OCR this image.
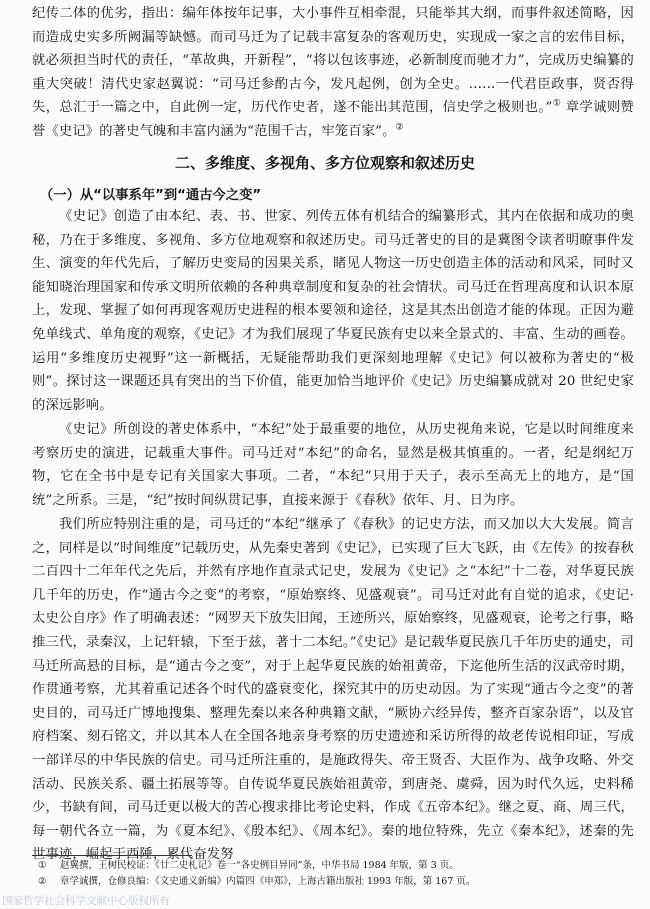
纪传二体的优劣，指出：编年体按年记事，大小事件互相牵混，只能举其大纲，而事件叙述简略，因而造成史实多所阙漏等缺憾。而司马迁为了记载丰富复杂的客观历史，实现成一家之言的宏伟目标，就必须担当时代的责任，“革故典，开新程”，“将以包该事迹，必新制度而驰才力”，完成历史编纂的重大突破！清代史家赵翼说：“司马迁参酌古今，发凡起例，创为全史。……一代君臣政事，贤否得失，总汇于一篇之中，自此例一定，历代作史者，遂不能出其范围，信史学之极则也。”① 章学诚则赞誉《史记》的著史气魄和丰富内涵为“范围千古，牢笼百家”。②
二、多维度、多视角、多方位观察和叙述历史
（一）从“以事系年”到“通古今之变”
《史记》创造了由本纪、表、书、世家、列传五体有机结合的编纂形式，其内在依据和成功的奥秘，乃在于多维度、多视角、多方位地观察和叙述历史。司马迁著史的目的是冀图令读者明瞭事件发生、演变的年代先后，了解历史变局的因果关系，睹见人物这一历史创造主体的活动和风采，同时又能知晓治理国家和传承文明所依赖的各种典章制度和复杂的社会情状。司马迁在哲理高度和认识本原上，发现、掌握了如何再现客观历史进程的根本要领和途径，这是其杰出创造才能的体现。正因为避免单线式、单角度的观察，《史记》才为我们展现了华夏民族有史以来全景式的、丰富、生动的画卷。运用“多维度历史视野”这一新概括，无疑能帮助我们更深刻地理解《史记》何以被称为著史的“极则”。探讨这一课题还具有突出的当下价值，能更加恰当地评价《史记》历史编纂成就对 20 世纪史家的深远影响。
《史记》所创设的著史体系中，“本纪”处于最重要的地位，从历史视角来说，它是以时间维度来考察历史的演进，记载重大事件。司马迁对“本纪”的命名，显然是极其慎重的。一者，纪是纲纪万物，它在全书中是专记有关国家大事项。二者，“本纪”只用于天子，表示至高无上的地方，是“国统”之所系。三是，“纪”按时间纵贯记事，直接来源于《春秋》依年、月、日为序。
我们所应特别注重的是，司马迁的“本纪”继承了《春秋》的记史方法，而又加以大大发展。简言之，同样是以“时间维度”记载历史，从先秦史著到《史记》，已实现了巨大飞跃，由《左传》的按春秋二百四十二年年代之先后，并然有序地作直录式记史，发展为《史记》之“本纪”十二卷，对华夏民族几千年的历史，作“通古今之变”的考察，“原始察终、见盛观衰”。司马迁对此有自觉的追求，《史记·太史公自序》作了明确表述：“网罗天下放失旧闻，王迹所兴，原始察终，见盛观衰，论考之行事，略推三代，录秦汉，上记轩辕，下至于兹，著十二本纪。”《史记》是记载华夏民族几千年历史的通史，司马迁所高悬的目标，是“通古今之变”，对于上起华夏民族的始祖黄帝，下迄他所生活的汉武帝时期，作贯通考察，尤其着重记述各个时代的盛衰变化，探究其中的历史动因。为了实现“通古今之变”的著史目的，司马迁广博地搜集、整理先秦以来各种典籍文献，“厥协六经异传，整齐百家杂语”，以及官府档案、刻石铭文，并以其本人在全国各地亲身考察的历史遗迹和采访所得的故老传说相印证，写成一部详尽的中华民族的信史。司马迁所注重的，是施政得失、帝王贤否、大臣作为、战争攻略、外交活动、民族关系、疆土拓展等等。自传说华夏民族始祖黄帝，到唐尧、虞舜，因为时代久远，史料稀少，书缺有间，司马迁更以极大的苦心搜求排比考论史料，作成《五帝本纪》。继之夏、商、周三代，每一朝代各立一篇，为《夏本纪》、《殷本纪》、《周本纪》。秦的地位特殊，先立《秦本纪》，述秦的先世事迹，崛起于西陲，累代奋发努
① 赵翼撰，王树民校证：《廿二史札记》卷一“各史例目异同”条，中华书局 1984 年版，第 3 页。
② 章学诚撰，仓修良编：《文史通义新编》内篇四《申郑》，上海古籍出版社 1993 年版，第 167 页。
国家哲学社会科学文献中心版权所有
